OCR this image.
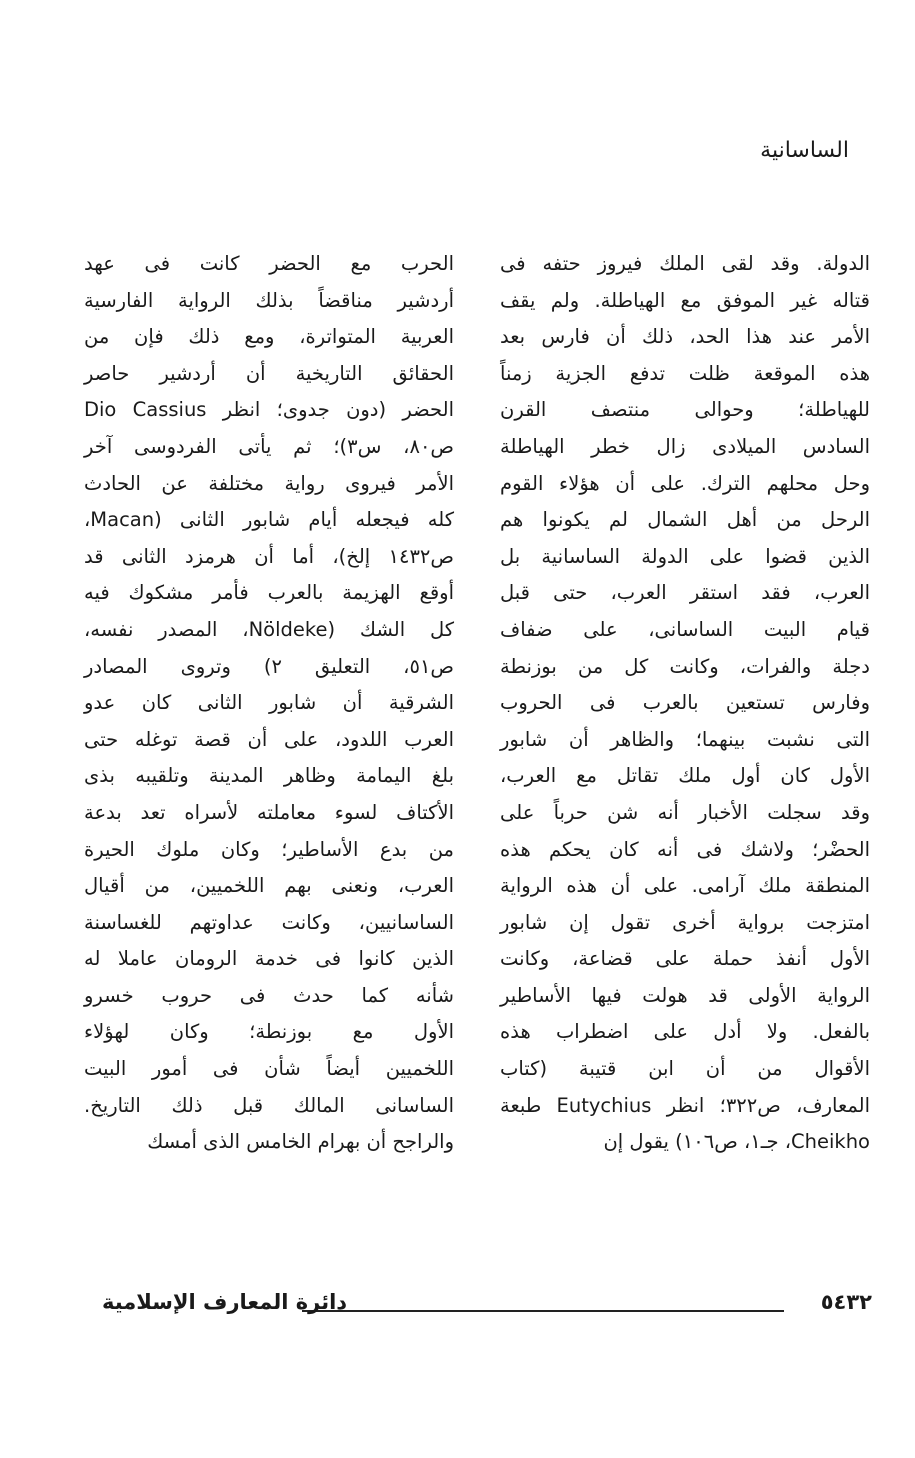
الساسانية
الدولة. وقد لقى الملك فيروز حتفه فى
قتاله غير الموفق مع الهياطلة. ولم يقف
الأمر عند هذا الحد، ذلك أن فارس بعد
هذه الموقعة ظلت تدفع الجزية زمناً
للهياطلة؛ وحوالى منتصف القرن
السادس الميلادى زال خطر الهياطلة
وحل محلهم الترك. على أن هؤلاء القوم
الرحل من أهل الشمال لم يكونوا هم
الذين قضوا على الدولة الساسانية بل
العرب، فقد استقر العرب، حتى قبل
قيام البيت الساسانى، على ضفاف
دجلة والفرات، وكانت كل من بوزنطة
وفارس تستعين بالعرب فى الحروب
التى نشبت بينهما؛ والظاهر أن شابور
الأول كان أول ملك تقاتل مع العرب،
وقد سجلت الأخبار أنه شن حرباً على
الحضْر؛ ولاشك فى أنه كان يحكم هذه
المنطقة ملك آرامى. على أن هذه الرواية
امتزجت برواية أخرى تقول إن شابور
الأول أنفذ حملة على قضاعة، وكانت
الرواية الأولى قد هولت فيها الأساطير
بالفعل. ولا أدل على اضطراب هذه
الأقوال من أن ابن قتيبة (كتاب
المعارف، ص٣٢٢؛ انظر Eutychius طبعة
Cheikho، جـ١، ص١٠٦) يقول إن
الحرب مع الحضر كانت فى عهد
أردشير مناقضاً بذلك الرواية الفارسية
العربية المتواترة، ومع ذلك فإن من
الحقائق التاريخية أن أردشير حاصر
الحضر (دون جدوى؛ انظر Dio Cassius
ص٨٠، س٣)؛ ثم يأتى الفردوسى آخر
الأمر فيروى رواية مختلفة عن الحادث
كله فيجعله أيام شابور الثانى (Macan،
ص١٤٣٢ إلخ)، أما أن هرمزد الثانى قد
أوقع الهزيمة بالعرب فأمر مشكوك فيه
كل الشك (Nöldeke، المصدر نفسه،
ص٥١، التعليق ٢) وتروى المصادر
الشرقية أن شابور الثانى كان عدو
العرب اللدود، على أن قصة توغله حتى
بلغ اليمامة وظاهر المدينة وتلقيبه بذى
الأكتاف لسوء معاملته لأسراه تعد بدعة
من بدع الأساطير؛ وكان ملوك الحيرة
العرب، ونعنى بهم اللخميين، من أقيال
الساسانيين، وكانت عداوتهم للغساسنة
الذين كانوا فى خدمة الرومان عاملا له
شأنه كما حدث فى حروب خسرو
الأول مع بوزنطة؛ وكان لهؤلاء
اللخميين أيضاً شأن فى أمور البيت
الساسانى المالك قبل ذلك التاريخ.
والراجح أن بهرام الخامس الذى أمسك
٥٤٣٢
دائرة المعارف الإسلامية
